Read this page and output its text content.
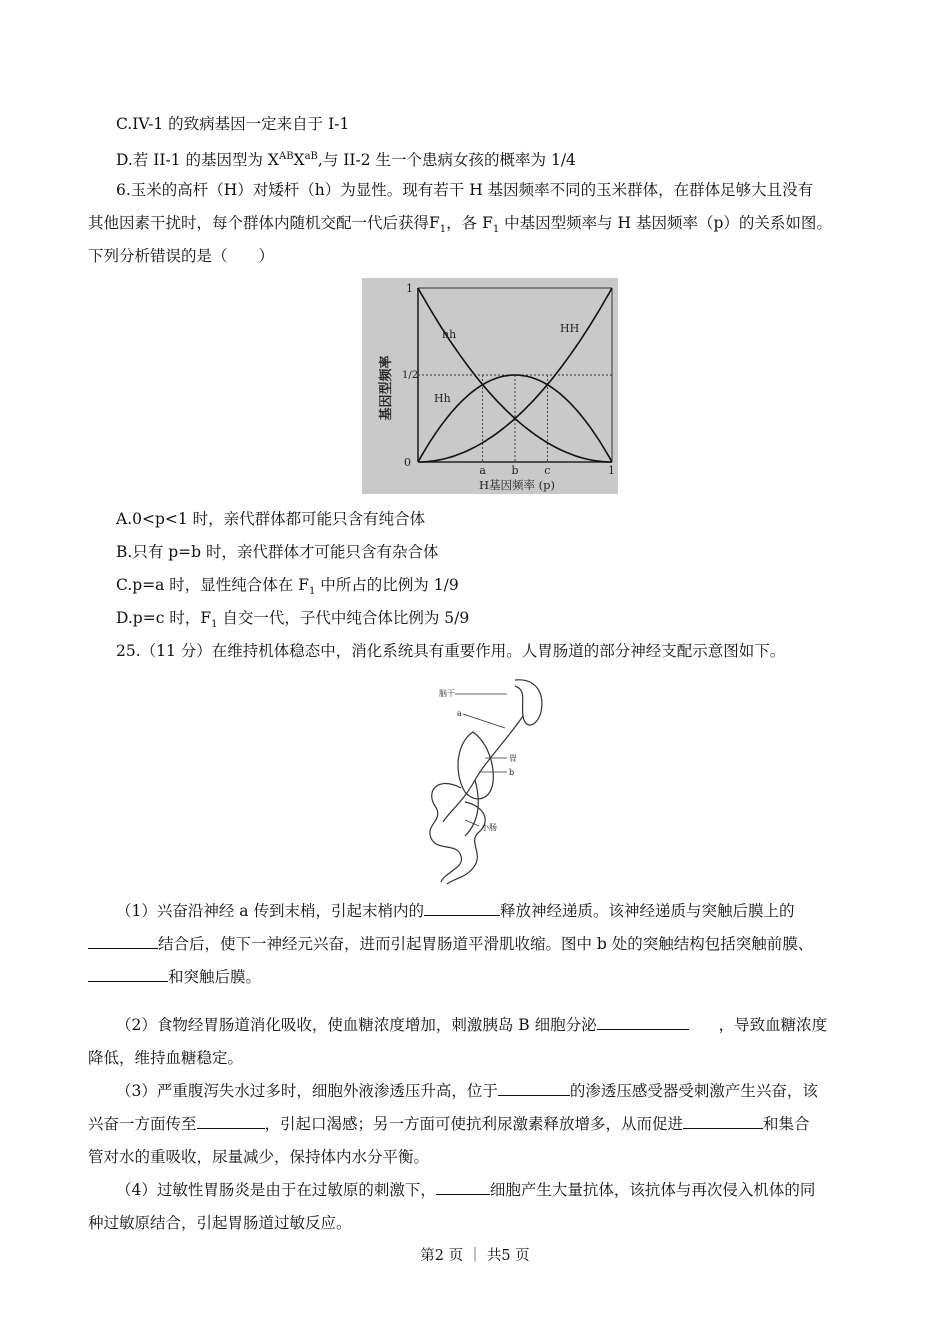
C.IV-1 的致病基因一定来自于 I-1
D.若 II-1 的基因型为 $X^{AB}X^{aB}$,与 II-2 生一个患病女孩的概率为 1/4
6.玉米的高杆（H）对矮杆（h）为显性。现有若干 H 基因频率不同的玉米群体，在群体足够大且没有
其他因素干扰时，每个群体内随机交配一代后获得$F_1$，各 $F_1$ 中基因型频率与 H 基因频率（p）的关系如图。
下列分析错误的是（　　）
基因型频率
1
1/2
0
a b c	1
H基因频率 (p)
hh
Hh
HH
A.0<p<1 时，亲代群体都可能只含有纯合体
B.只有 p=b 时，亲代群体才可能只含有杂合体
C.p=a 时，显性纯合体在 $F_1$ 中所占的比例为 1/9
D.p=c 时，$F_1$ 自交一代，子代中纯合体比例为 5/9
25.（11 分）在维持机体稳态中，消化系统具有重要作用。人胃肠道的部分神经支配示意图如下。
脑干
a
胃
b
小肠
（1）兴奋沿神经 a 传到末梢，引起末梢内的	释放神经递质。该神经递质与突触后膜上的
结合后，使下一神经元兴奋，进而引起胃肠道平滑肌收缩。图中 b 处的突触结构包括突触前膜、
和突触后膜。
（2）食物经胃肠道消化吸收，使血糖浓度增加，刺激胰岛 B 细胞分泌	，导致血糖浓度
降低，维持血糖稳定。
（3）严重腹泻失水过多时，细胞外液渗透压升高，位于	的渗透压感受器受刺激产生兴奋，该
兴奋一方面传至	，引起口渴感；另一方面可使抗利尿激素释放增多，从而促进	和集合
管对水的重吸收，尿量减少，保持体内水分平衡。
（4）过敏性胃肠炎是由于在过敏原的刺激下，	细胞产生大量抗体，该抗体与再次侵入机体的同
种过敏原结合，引起胃肠道过敏反应。
第2 页 ｜ 共5 页
